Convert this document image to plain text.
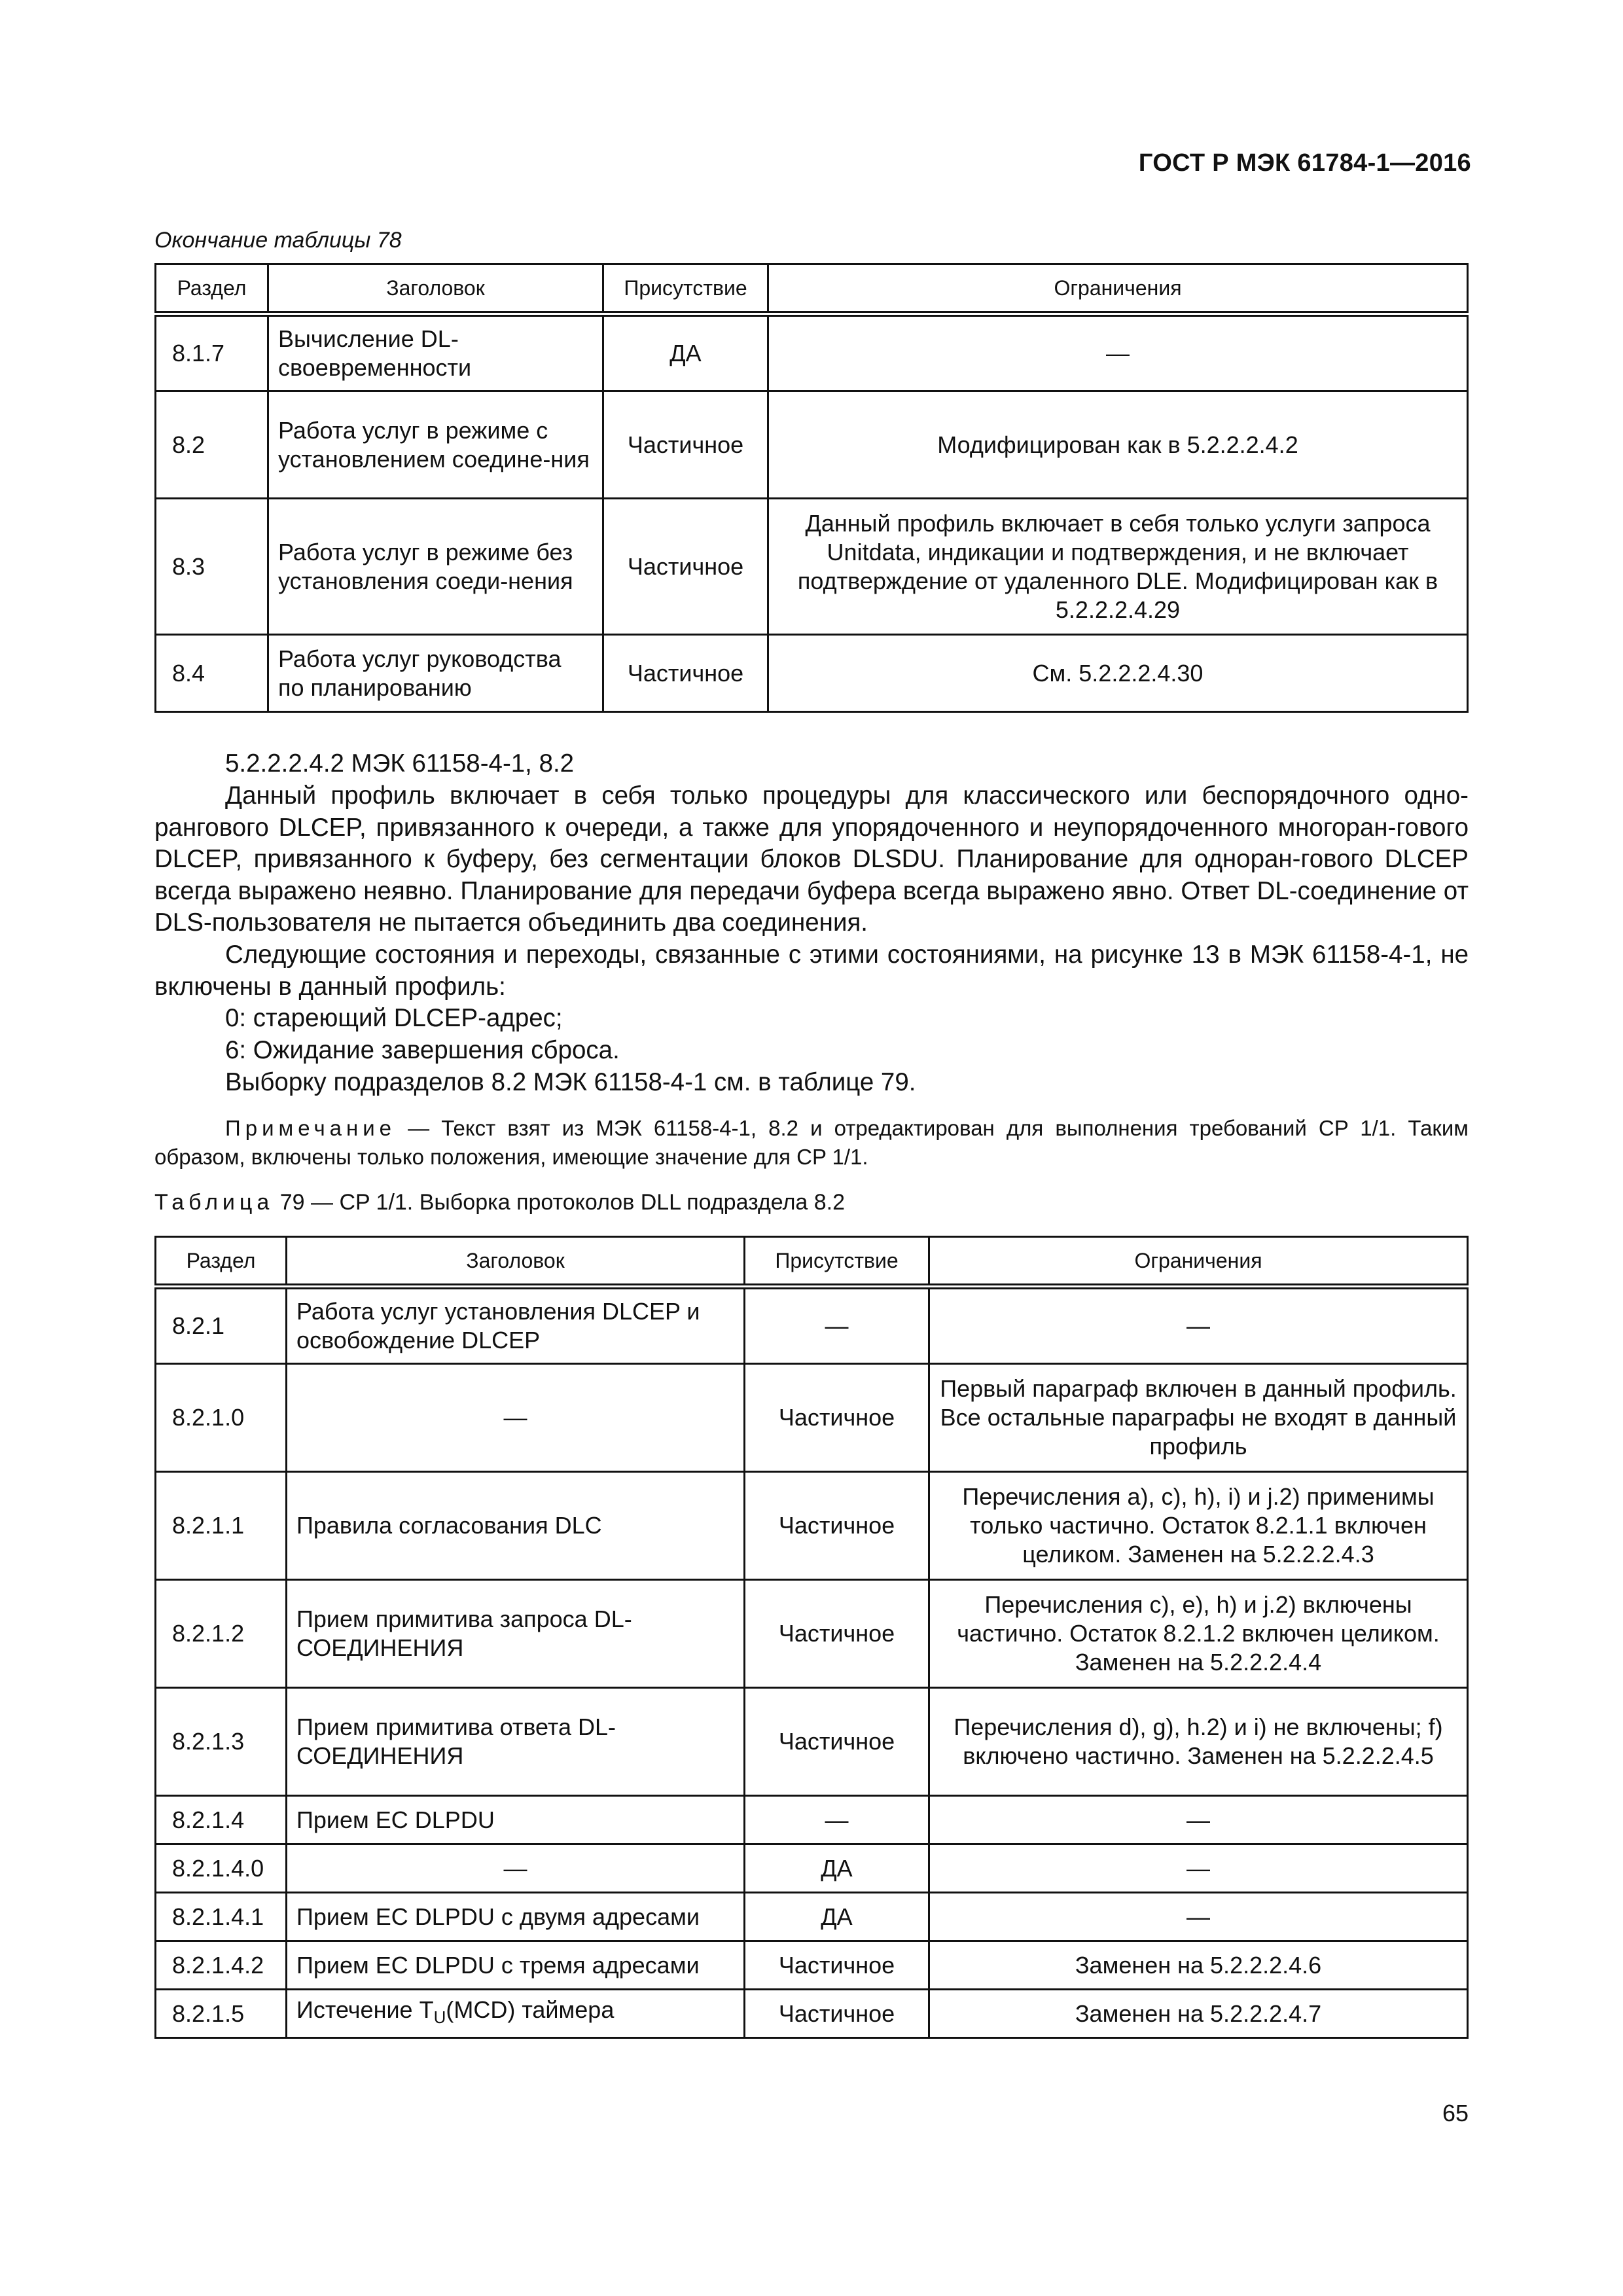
ГОСТ Р МЭК 61784-1—2016
Окончание таблицы 78
Раздел	Заголовок	Присутствие	Ограничения
8.1.7	Вычисление DL-своевременности	ДА	—
8.2	Работа услуг в режиме с установлением соедине-ния	Частичное	Модифицирован как в 5.2.2.2.4.2
8.3	Работа услуг в режиме без установления соеди-нения	Частичное	Данный профиль включает в себя только услуги запроса Unitdata, индикации и подтверждения, и не включает подтверждение от удаленного DLE. Модифицирован как в 5.2.2.2.4.29
8.4	Работа услуг руководства по планированию	Частичное	См. 5.2.2.2.4.30
5.2.2.2.4.2 МЭК 61158-4-1, 8.2
Данный профиль включает в себя только процедуры для классического или беспорядочного одно-рангового DLCEP, привязанного к очереди, а также для упорядоченного и неупорядоченного многоран-гового DLCEP, привязанного к буферу, без сегментации блоков DLSDU. Планирование для одноран-гового DLCEP всегда выражено неявно. Планирование для передачи буфера всегда выражено явно. Ответ DL-соединение от DLS-пользователя не пытается объединить два соединения.
Следующие состояния и переходы, связанные с этими состояниями, на рисунке 13 в МЭК 61158-4-1, не включены в данный профиль:
0: стареющий DLCEP-адрес;
6: Ожидание завершения сброса.
Выборку подразделов 8.2 МЭК 61158-4-1 см. в таблице 79.
Примечание — Текст взят из МЭК 61158-4-1, 8.2 и отредактирован для выполнения требований CP 1/1. Таким образом, включены только положения, имеющие значение для CP 1/1.
Таблица 79 — CP 1/1. Выборка протоколов DLL подраздела 8.2
Раздел	Заголовок	Присутствие	Ограничения
8.2.1	Работа услуг установления DLCEP и освобождение DLCEP	—	—
8.2.1.0	—	Частичное	Первый параграф включен в данный профиль. Все остальные параграфы не входят в данный профиль
8.2.1.1	Правила согласования DLC	Частичное	Перечисления a), c), h), i) и j.2) применимы только частично. Остаток 8.2.1.1 включен целиком. Заменен на 5.2.2.2.4.3
8.2.1.2	Прием примитива запроса DL-СОЕДИНЕНИЯ	Частичное	Перечисления c), e), h) и j.2) включены частично. Остаток 8.2.1.2 включен целиком. Заменен на 5.2.2.2.4.4
8.2.1.3	Прием примитива ответа DL-СОЕДИНЕНИЯ	Частичное	Перечисления d), g), h.2) и i) не включены; f) включено частично. Заменен на 5.2.2.2.4.5
8.2.1.4	Прием EC DLPDU	—	—
8.2.1.4.0	—	ДА	—
8.2.1.4.1	Прием EC DLPDU с двумя адресами	ДА	—
8.2.1.4.2	Прием EC DLPDU с тремя адресами	Частичное	Заменен на 5.2.2.2.4.6
8.2.1.5	Истечение $T_U(MCD)$ таймера	Частичное	Заменен на 5.2.2.2.4.7
65
